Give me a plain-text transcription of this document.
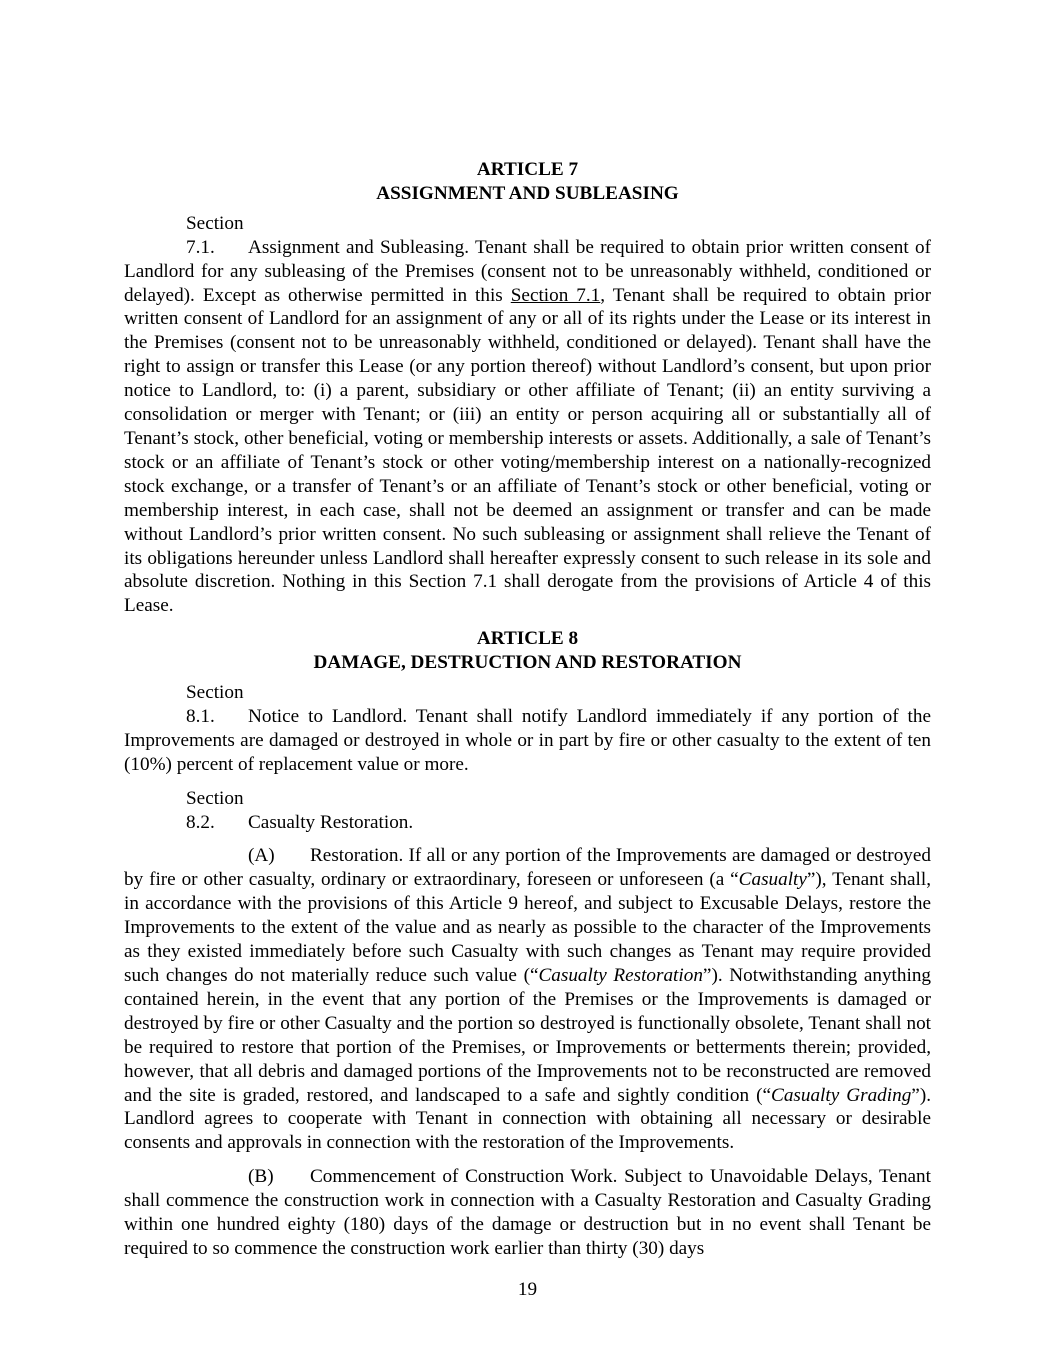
ARTICLE 7

ASSIGNMENT AND SUBLEASING

Section 7.1. Assignment and Subleasing. Tenant shall be required to obtain prior written consent of Landlord for any subleasing of the Premises (consent not to be unreasonably withheld, conditioned or delayed). Except as otherwise permitted in this Section 7.1, Tenant shall be required to obtain prior written consent of Landlord for an assignment of any or all of its rights under the Lease or its interest in the Premises (consent not to be unreasonably withheld, conditioned or delayed). Tenant shall have the right to assign or transfer this Lease (or any portion thereof) without Landlord’s consent, but upon prior notice to Landlord, to: (i) a parent, subsidiary or other affiliate of Tenant; (ii) an entity surviving a consolidation or merger with Tenant; or (iii) an entity or person acquiring all or substantially all of Tenant’s stock, other beneficial, voting or membership interests or assets. Additionally, a sale of Tenant’s stock or an affiliate of Tenant’s stock or other voting/membership interest on a nationally-recognized stock exchange, or a transfer of Tenant’s or an affiliate of Tenant’s stock or other beneficial, voting or membership interest, in each case, shall not be deemed an assignment or transfer and can be made without Landlord’s prior written consent. No such subleasing or assignment shall relieve the Tenant of its obligations hereunder unless Landlord shall hereafter expressly consent to such release in its sole and absolute discretion. Nothing in this Section 7.1 shall derogate from the provisions of Article 4 of this Lease.

ARTICLE 8

DAMAGE, DESTRUCTION AND RESTORATION

Section 8.1. Notice to Landlord. Tenant shall notify Landlord immediately if any portion of the Improvements are damaged or destroyed in whole or in part by fire or other casualty to the extent of ten (10%) percent of replacement value or more.

Section 8.2. Casualty Restoration.

(A) Restoration. If all or any portion of the Improvements are damaged or destroyed by fire or other casualty, ordinary or extraordinary, foreseen or unforeseen (a “Casualty”), Tenant shall, in accordance with the provisions of this Article 9 hereof, and subject to Excusable Delays, restore the Improvements to the extent of the value and as nearly as possible to the character of the Improvements as they existed immediately before such Casualty with such changes as Tenant may require provided such changes do not materially reduce such value (“Casualty Restoration”). Notwithstanding anything contained herein, in the event that any portion of the Premises or the Improvements is damaged or destroyed by fire or other Casualty and the portion so destroyed is functionally obsolete, Tenant shall not be required to restore that portion of the Premises, or Improvements or betterments therein; provided, however, that all debris and damaged portions of the Improvements not to be reconstructed are removed and the site is graded, restored, and landscaped to a safe and sightly condition (“Casualty Grading”). Landlord agrees to cooperate with Tenant in connection with obtaining all necessary or desirable consents and approvals in connection with the restoration of the Improvements.

(B) Commencement of Construction Work. Subject to Unavoidable Delays, Tenant shall commence the construction work in connection with a Casualty Restoration and Casualty Grading within one hundred eighty (180) days of the damage or destruction but in no event shall Tenant be required to so commence the construction work earlier than thirty (30) days

19
